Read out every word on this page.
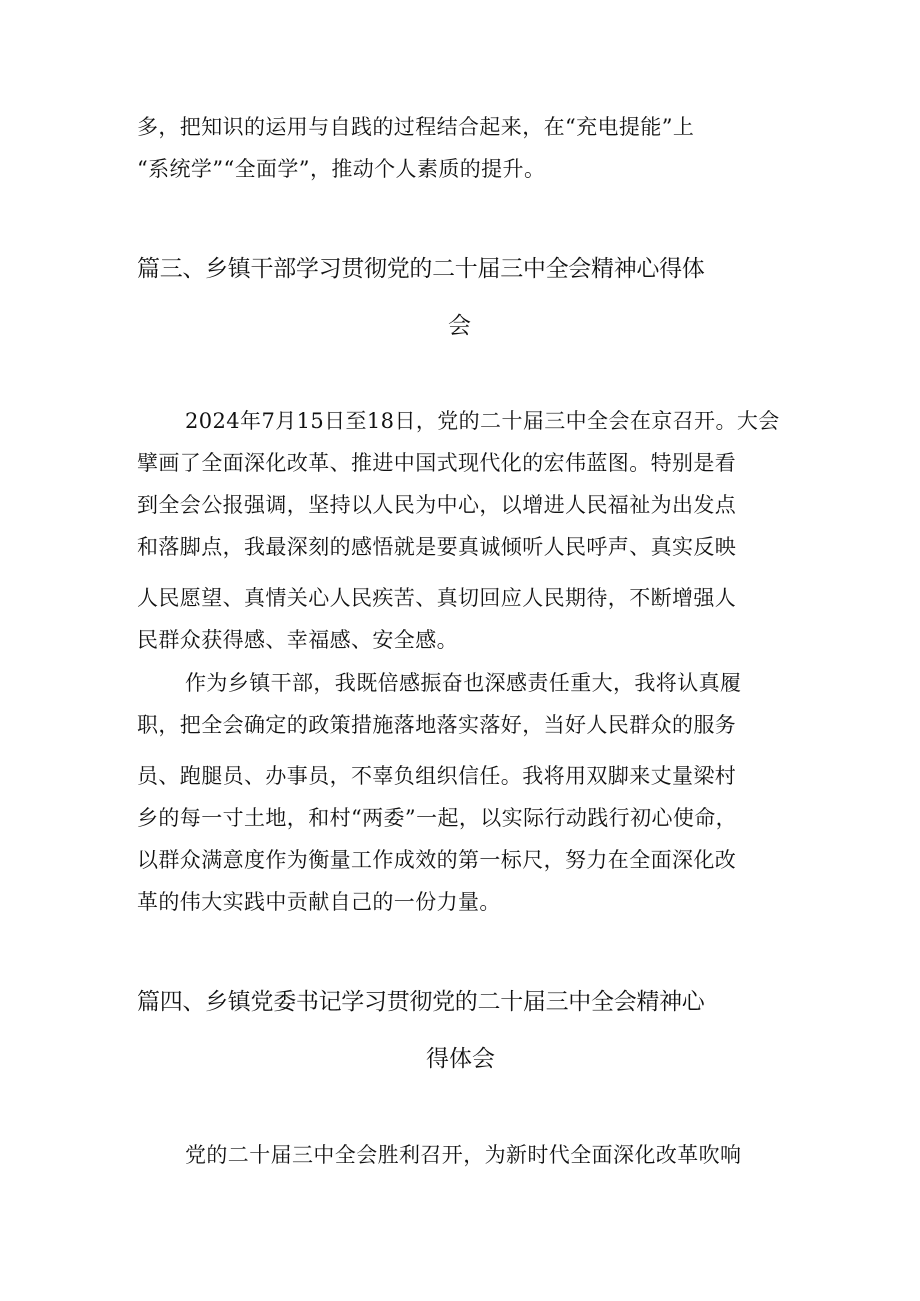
多，把知识的运用与自践的过程结合起来，在“充电提能”上
“系统学”“全面学”，推动个人素质的提升。
篇三、乡镇干部学习贯彻党的二十届三中全会精神心得体
会
2024年7月15日至18日，党的二十届三中全会在京召开。大会
擘画了全面深化改革、推进中国式现代化的宏伟蓝图。特别是看
到全会公报强调，坚持以人民为中心，以增进人民福祉为出发点
和落脚点，我最深刻的感悟就是要真诚倾听人民呼声、真实反映
人民愿望、真情关心人民疾苦、真切回应人民期待，不断增强人
民群众获得感、幸福感、安全感。
作为乡镇干部，我既倍感振奋也深感责任重大，我将认真履
职，把全会确定的政策措施落地落实落好，当好人民群众的服务
员、跑腿员、办事员，不辜负组织信任。我将用双脚来丈量梁村
乡的每一寸土地，和村“两委”一起，以实际行动践行初心使命，
以群众满意度作为衡量工作成效的第一标尺，努力在全面深化改
革的伟大实践中贡献自己的一份力量。
篇四、乡镇党委书记学习贯彻党的二十届三中全会精神心
得体会
党的二十届三中全会胜利召开，为新时代全面深化改革吹响
